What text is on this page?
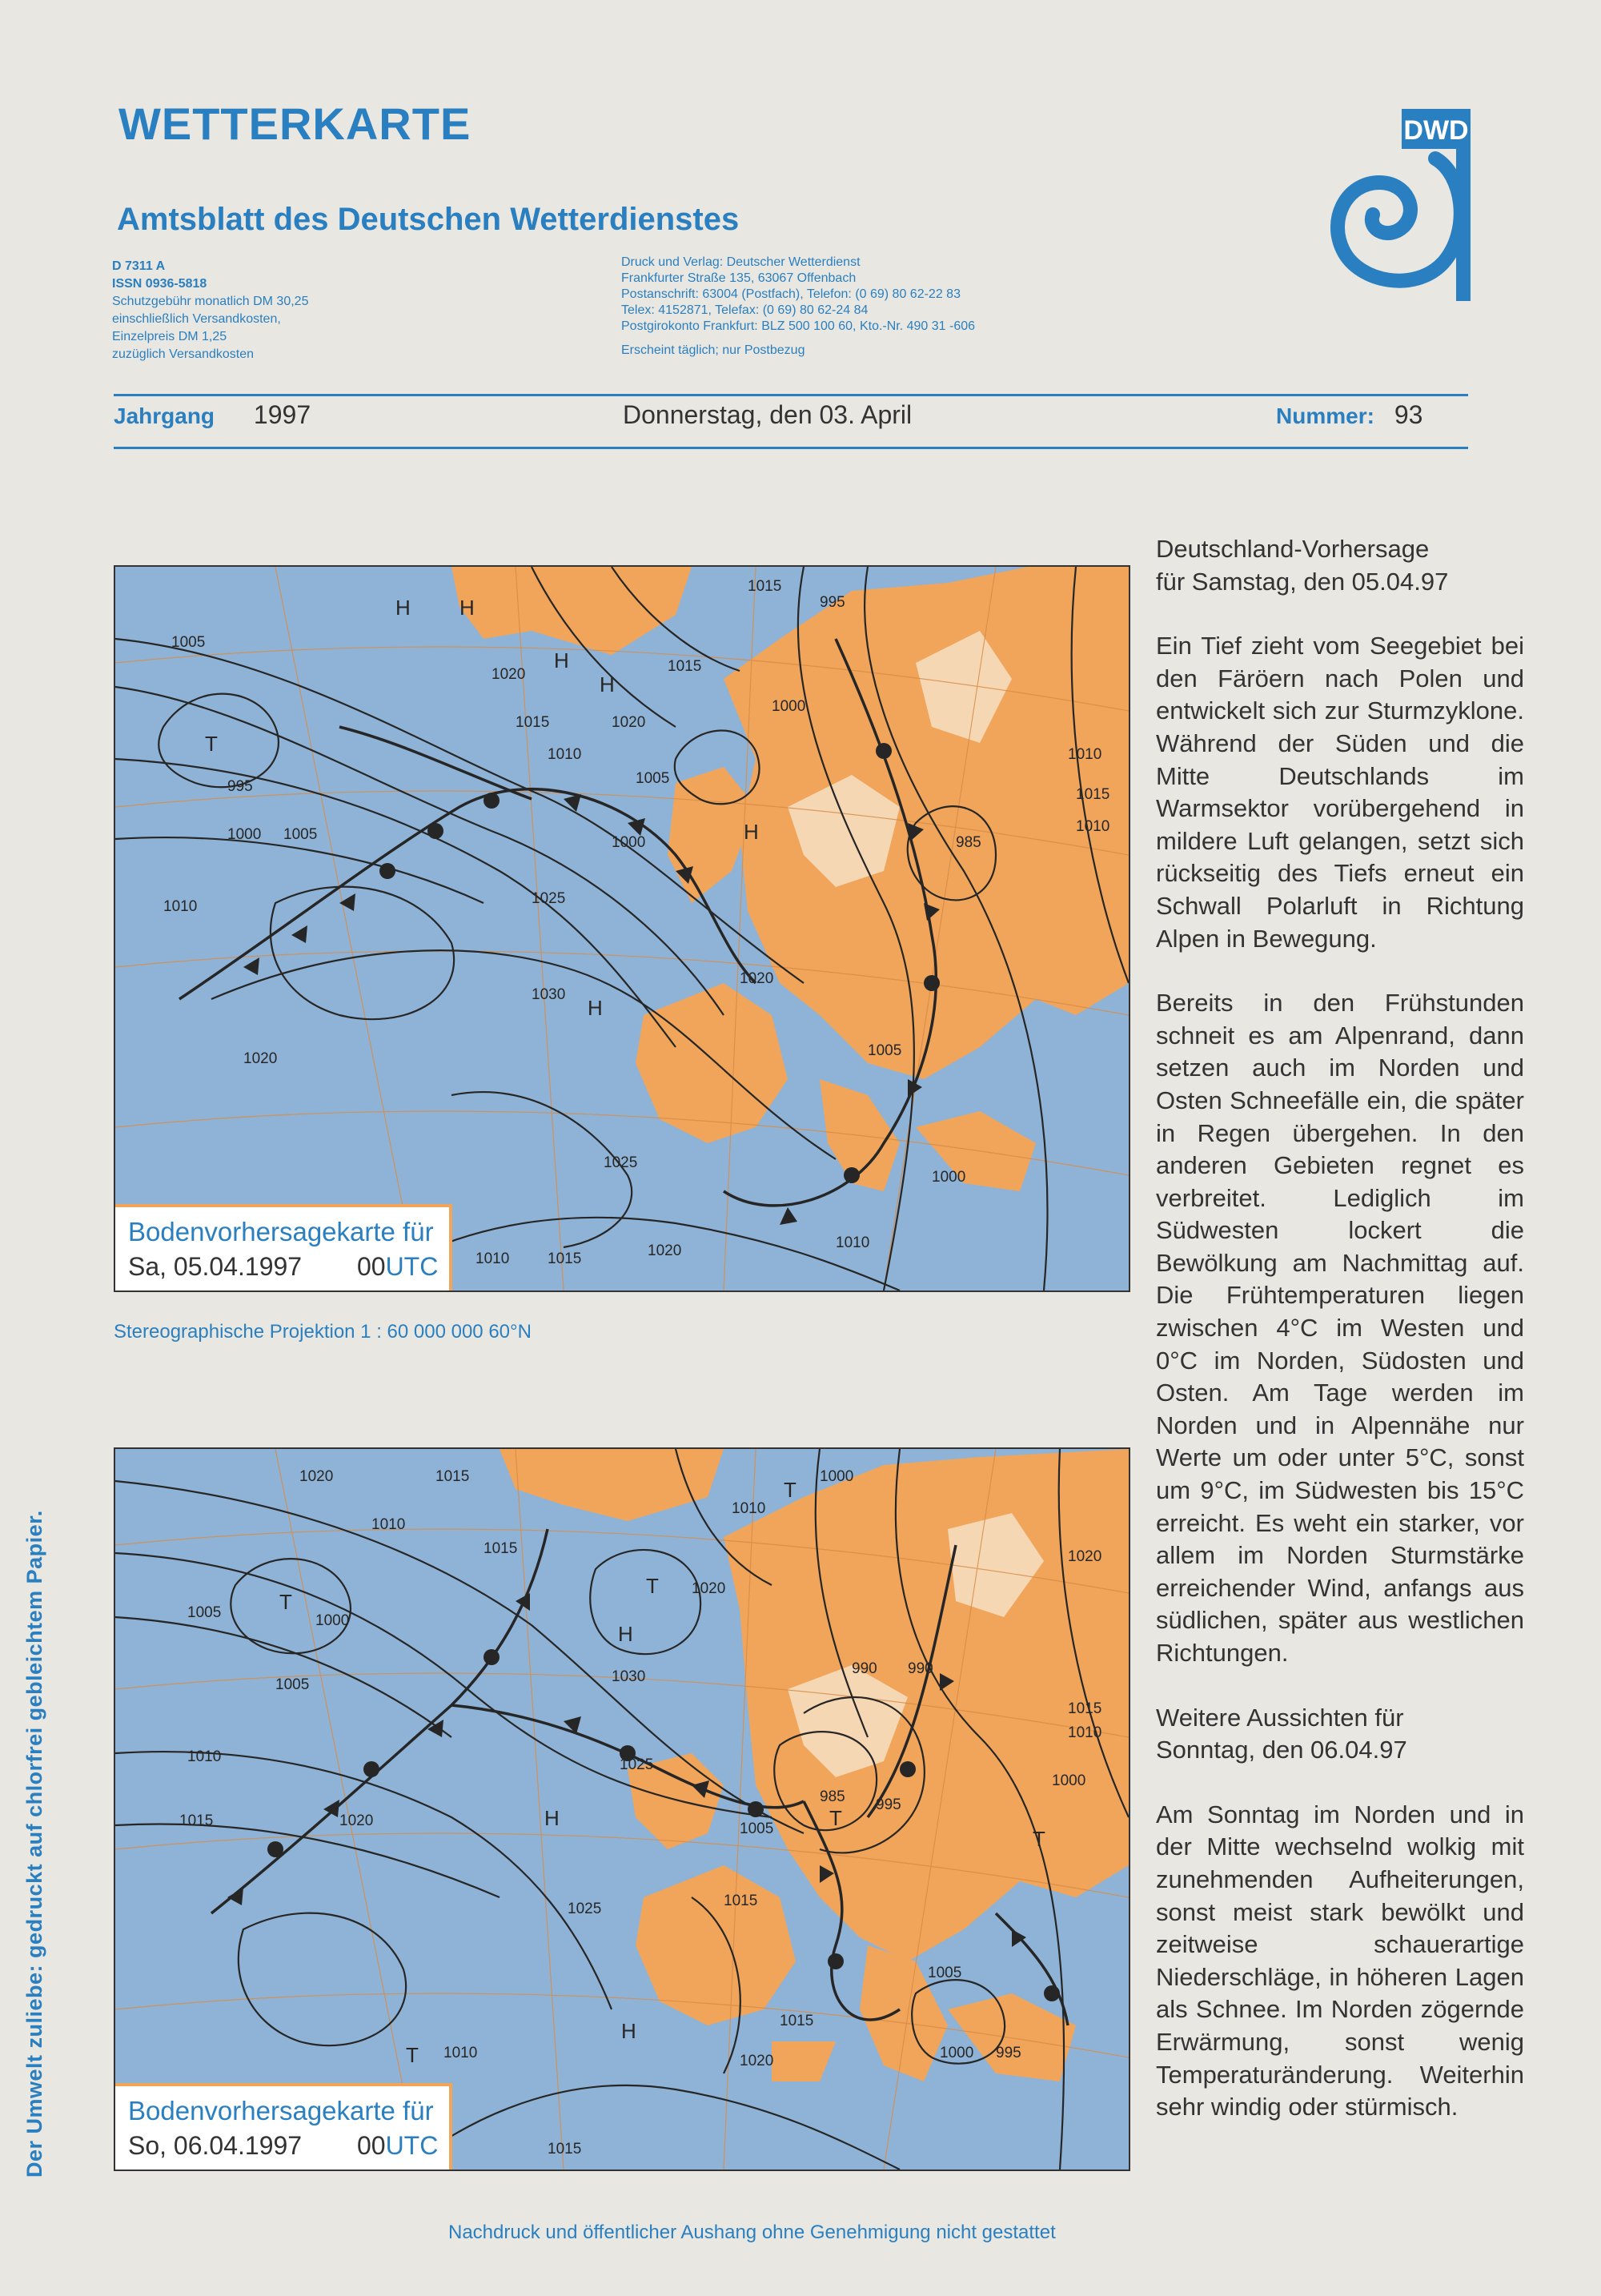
WETTERKARTE
Amtsblatt des Deutschen Wetterdienstes
D 7311 A
ISSN 0936-5818
Schutzgebühr monatlich DM 30,25
einschließlich Versandkosten,
Einzelpreis DM 1,25
zuzüglich Versandkosten
Druck und Verlag: Deutscher Wetterdienst
Frankfurter Straße 135, 63067 Offenbach
Postanschrift: 63004 (Postfach), Telefon: (0 69) 80 62-22 83
Telex: 4152871, Telefax: (0 69) 80 62-24 84
Postgirokonto Frankfurt: BLZ 500 100 60, Kto.-Nr. 490 31 -606
Erscheint täglich; nur Postbezug
DWD
Jahrgang 1997	Donnerstag, den 03. April	Nummer: 93
1005
995
1000 1005
1010
1020
1020
1015
1010
1005
1000
1025
1030
1015
1020
1000
985
1005
1010
1020
1015
1010
1025
1015
1010	1020
1000
995
1010
1015
H H
H
H
H
H
T
Bodenvorhersagekarte für
Sa, 05.04.1997 00UTC
Stereographische Projektion 1 : 60 000 000 60°N
1020	1015
1010
1015
1005	1000
1005
1010
1015	1020
1030
1025
1000
1010
1020
990 990
985 995
1005
1015
1025
1015
1020	1000 995
1010
1015
1005
1000
1010
1015
1020
T
T
H
H
T
T
T
H
T
Bodenvorhersagekarte für
So, 06.04.1997 00UTC

Deutschland-Vorhersage

für Samstag, den 05.04.97

Ein Tief zieht vom Seegebiet bei den Färöern nach Polen und entwickelt sich zur Sturmzyklone. Während der Süden und die Mitte Deutschlands im Warmsektor vorübergehend in mildere Luft gelangen, setzt sich rückseitig des Tiefs erneut ein Schwall Polarluft in Richtung Alpen in Bewegung.

Bereits in den Frühstunden schneit es am Alpenrand, dann setzen auch im Norden und Osten Schneefälle ein, die später in Regen übergehen. In den anderen Gebieten regnet es verbreitet. Lediglich im Südwesten lockert die Bewölkung am Nachmittag auf. Die Frühtemperaturen liegen zwischen 4°C im Westen und 0°C im Norden, Südosten und Osten. Am Tage werden im Norden und in Alpennähe nur Werte um oder unter 5°C, sonst um 9°C, im Südwesten bis 15°C erreicht. Es weht ein starker, vor allem im Norden Sturmstärke erreichender Wind, anfangs aus südlichen, später aus westlichen Richtungen.

Weitere Aussichten für

Sonntag, den 06.04.97

Am Sonntag im Norden und in der Mitte wechselnd wolkig mit zunehmenden Aufheiterungen, sonst meist stark bewölkt und zeitweise schauerartige Niederschläge, in höheren Lagen als Schnee. Im Norden zögernde Erwärmung, sonst wenig Temperaturänderung. Weiterhin sehr windig oder stürmisch.

Der Umwelt zuliebe: gedruckt auf chlorfrei gebleichtem Papier.
Nachdruck und öffentlicher Aushang ohne Genehmigung nicht gestattet
